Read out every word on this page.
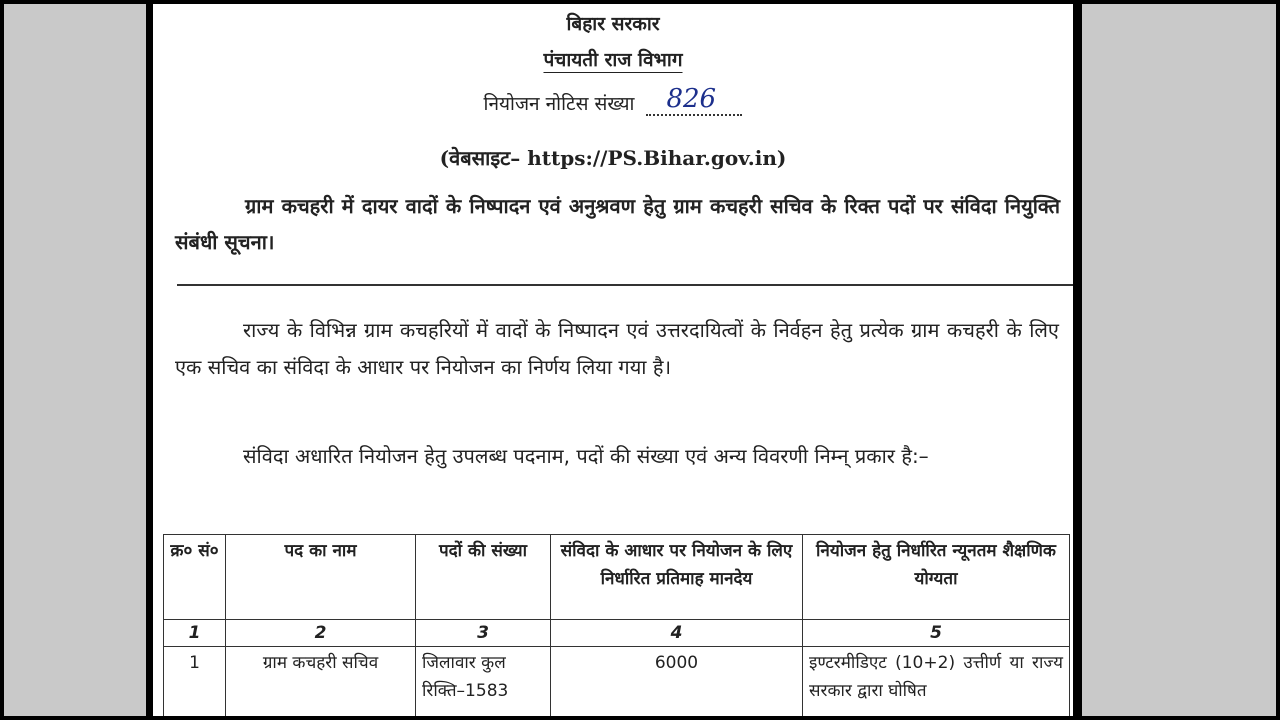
बिहार सरकार
पंचायती राज विभाग
नियोजन नोटिस संख्या 826
(वेबसाइट– https://PS.Bihar.gov.in)

ग्राम कचहरी में दायर वादों के निष्पादन एवं अनुश्रवण हेतु ग्राम कचहरी सचिव के रिक्त पदों पर संविदा नियुक्ति संबंधी सूचना।

राज्य के विभिन्न ग्राम कचहरियों में वादों के निष्पादन एवं उत्तरदायित्वों के निर्वहन हेतु प्रत्येक ग्राम कचहरी के लिए एक सचिव का संविदा के आधार पर नियोजन का निर्णय लिया गया है।

संविदा अधारित नियोजन हेतु उपलब्ध पदनाम, पदों की संख्या एवं अन्य विवरणी निम्न् प्रकार है:–

क्र० सं०	पद का नाम	पदों की संख्या	संविदा के आधार पर नियोजन के लिए निर्धारित प्रतिमाह मानदेय	नियोजन हेतु निर्धारित न्यूनतम शैक्षणिक योग्यता
1	2	3	4	5
1	ग्राम कचहरी सचिव	जिलावार कुल रिक्ति–1583	6000	इण्टरमीडिएट (10+2) उत्तीर्ण या राज्य सरकार द्वारा घोषित
